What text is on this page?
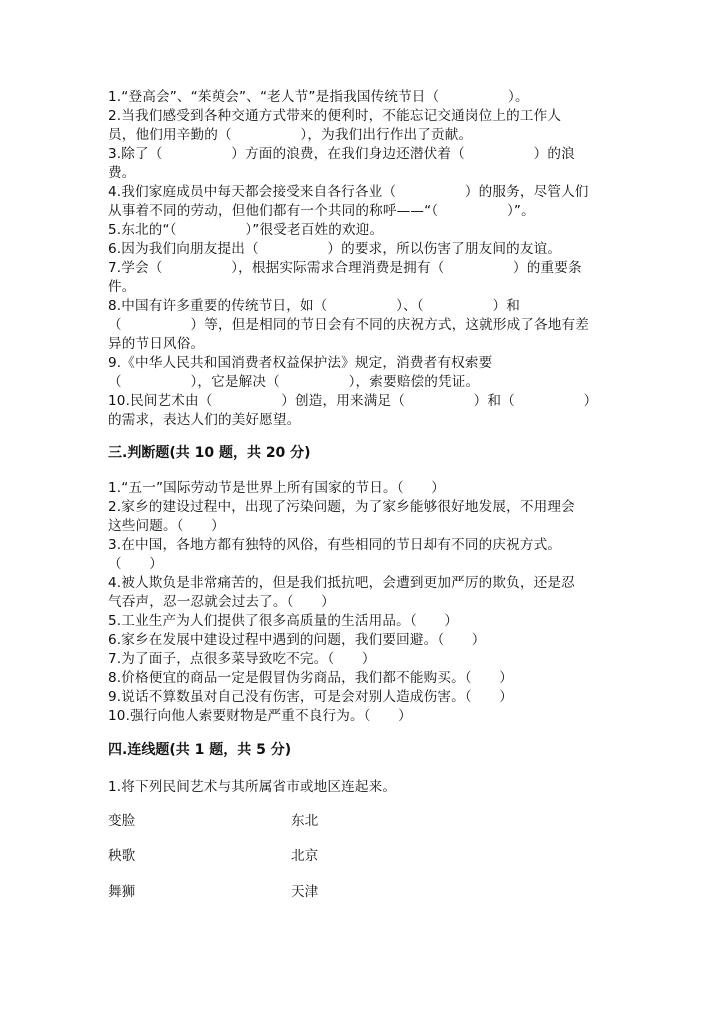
1.“登高会”、“茱萸会”、“老人节”是指我国传统节日（　　　　　）。
2.当我们感受到各种交通方式带来的便利时，不能忘记交通岗位上的工作人
员，他们用辛勤的（　　　　　），为我们出行作出了贡献。
3.除了（　　　　　）方面的浪费，在我们身边还潜伏着（　　　　　）的浪
费。
4.我们家庭成员中每天都会接受来自各行各业（　　　　　）的服务，尽管人们
从事着不同的劳动，但他们都有一个共同的称呼——“（　　　　　）”。
5.东北的“（　　　　　）”很受老百姓的欢迎。
6.因为我们向朋友提出（　　　　　）的要求，所以伤害了朋友间的友谊。
7.学会（　　　　　），根据实际需求合理消费是拥有（　　　　　）的重要条
件。
8.中国有许多重要的传统节日，如（　　　　　）、（　　　　　）和
（　　　　　）等，但是相同的节日会有不同的庆祝方式，这就形成了各地有差
异的节日风俗。
9.《中华人民共和国消费者权益保护法》规定，消费者有权索要
（　　　　　），它是解决（　　　　　），索要赔偿的凭证。
10.民间艺术由（　　　　　）创造，用来满足（　　　　　）和（　　　　　）
的需求，表达人们的美好愿望。
三.判断题(共 10 题，共 20 分)
1.“五一”国际劳动节是世界上所有国家的节日。（　　）
2.家乡的建设过程中，出现了污染问题，为了家乡能够很好地发展，不用理会
这些问题。（　　）
3.在中国，各地方都有独特的风俗，有些相同的节日却有不同的庆祝方式。
（　　）
4.被人欺负是非常痛苦的，但是我们抵抗吧，会遭到更加严厉的欺负，还是忍
气吞声，忍一忍就会过去了。（　　）
5.工业生产为人们提供了很多高质量的生活用品。（　　）
6.家乡在发展中建设过程中遇到的问题，我们要回避。（　　）
7.为了面子，点很多菜导致吃不完。（　　）
8.价格便宜的商品一定是假冒伪劣商品，我们都不能购买。（　　）
9.说话不算数虽对自己没有伤害，可是会对别人造成伤害。（　　）
10.强行向他人索要财物是严重不良行为。（　　）
四.连线题(共 1 题，共 5 分)
1.将下列民间艺术与其所属省市或地区连起来。
变脸	东北
秧歌	北京
舞狮	天津
